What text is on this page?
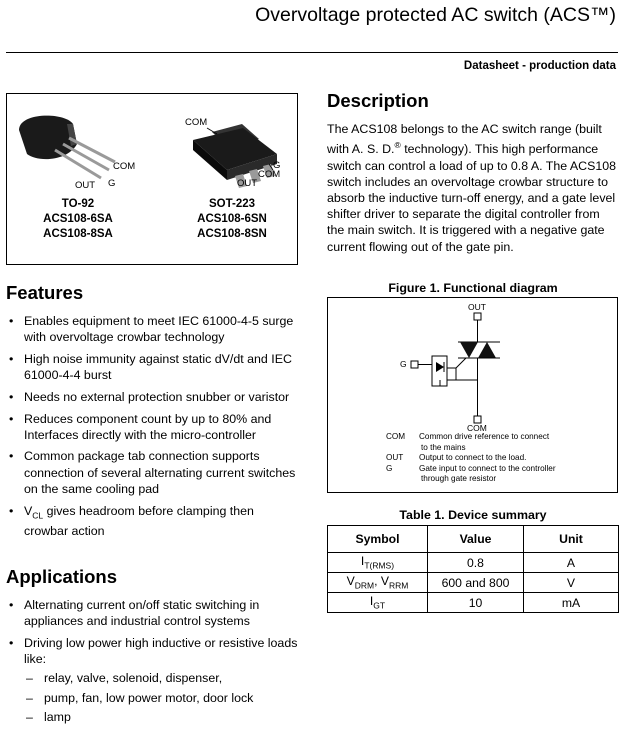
Overvoltage protected AC switch (ACS™)
Datasheet - production data
COM
OUT G
COM
G
COM
OUT
TO-92
ACS108-6SA
ACS108-8SA
SOT-223
ACS108-6SN
ACS108-8SN
Description
The ACS108 belongs to the AC switch range (built with A. S. D.® technology). This high performance switch can control a load of up to 0.8 A. The ACS108 switch includes an overvoltage crowbar structure to absorb the inductive turn-off energy, and a gate level shifter driver to separate the digital controller from the main switch. It is triggered with a negative gate current flowing out of the gate pin.
Features
• Enables equipment to meet IEC 61000-4-5 surge with overvoltage crowbar technology
• High noise immunity against static dV/dt and IEC 61000-4-4 burst
• Needs no external protection snubber or varistor
• Reduces component count by up to 80% and Interfaces directly with the micro-controller
• Common package tab connection supports connection of several alternating current switches on the same cooling pad
• $V_{CL}$ gives headroom before clamping then crowbar action
Applications
• Alternating current on/off static switching in appliances and industrial control systems
• Driving low power high inductive or resistive loads like:
– relay, valve, solenoid, dispenser,
– pump, fan, low power motor, door lock
– lamp
Figure 1. Functional diagram
OUT
G
COM
COM	Common drive reference to connect
to the mains
OUT	Output to connect to the load.
G	Gate input to connect to the controller
through gate resistor
Table 1. Device summary
Symbol	Value	Unit
$I_{T(RMS)}$	0.8	A
$V_{DRM}$, $V_{RRM}$	600 and 800	V
$I_{GT}$	10	mA
